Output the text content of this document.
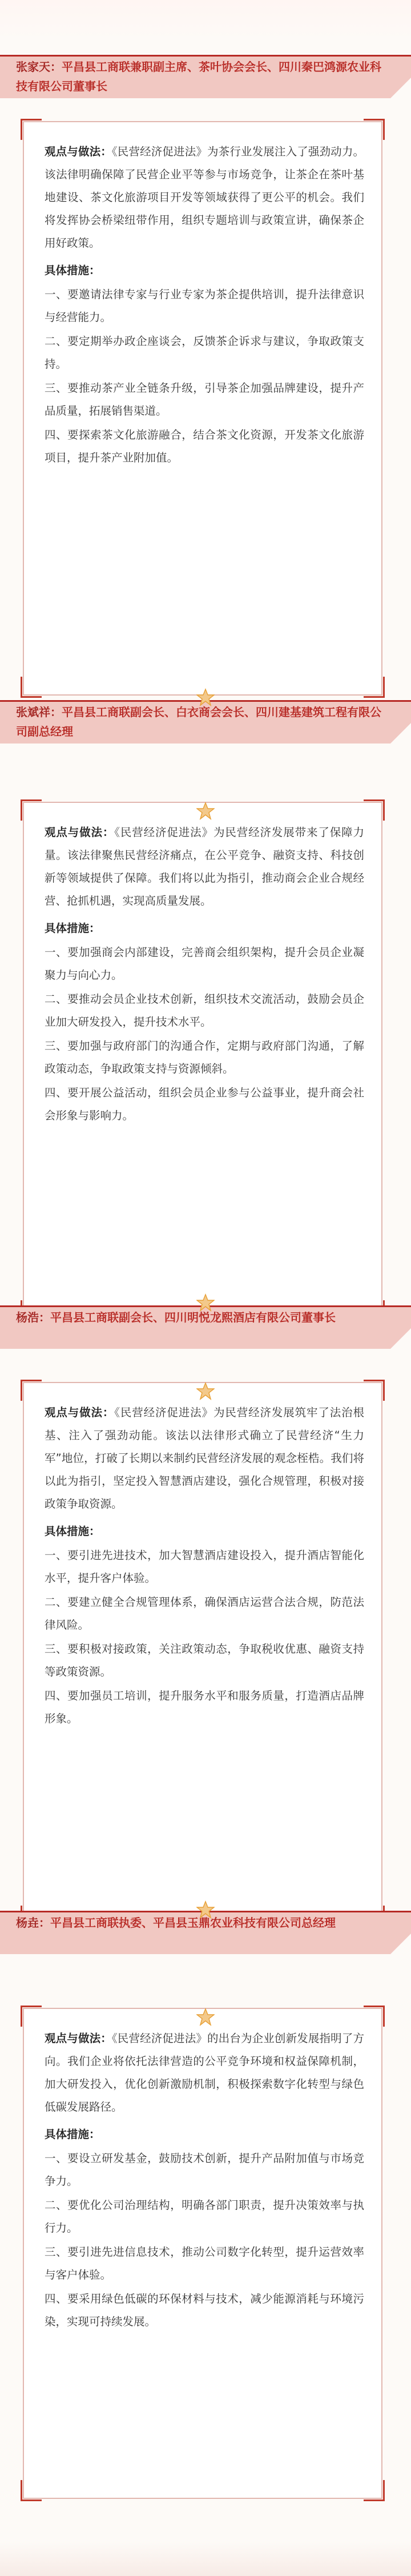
张家天：平昌县工商联兼职副主席、茶叶协会会长、四川秦巴鸿源农业科技有限公司董事长

观点与做法：《民营经济促进法》为茶行业发展注入了强劲动力。该法律明确保障了民营企业平等参与市场竞争，让茶企在茶叶基地建设、茶文化旅游项目开发等领域获得了更公平的机会。我们将发挥协会桥梁纽带作用，组织专题培训与政策宣讲，确保茶企用好政策。

具体措施：

一、要邀请法律专家与行业专家为茶企提供培训，提升法律意识与经营能力。

二、要定期举办政企座谈会，反馈茶企诉求与建议，争取政策支持。

三、要推动茶产业全链条升级，引导茶企加强品牌建设，提升产品质量，拓展销售渠道。

四、要探索茶文化旅游融合，结合茶文化资源，开发茶文化旅游项目，提升茶产业附加值。

张斌祥：平昌县工商联副会长、白衣商会会长、四川建基建筑工程有限公司副总经理

观点与做法：《民营经济促进法》为民营经济发展带来了保障力量。该法律聚焦民营经济痛点，在公平竞争、融资支持、科技创新等领域提供了保障。我们将以此为指引，推动商会企业合规经营、抢抓机遇，实现高质量发展。

具体措施：

一、要加强商会内部建设，完善商会组织架构，提升会员企业凝聚力与向心力。

二、要推动会员企业技术创新，组织技术交流活动，鼓励会员企业加大研发投入，提升技术水平。

三、要加强与政府部门的沟通合作，定期与政府部门沟通，了解政策动态，争取政策支持与资源倾斜。

四、要开展公益活动，组织会员企业参与公益事业，提升商会社会形象与影响力。

杨浩：平昌县工商联副会长、四川明悦龙熙酒店有限公司董事长

观点与做法：《民营经济促进法》为民营经济发展筑牢了法治根基、注入了强劲动能。该法以法律形式确立了民营经济“生力军”地位，打破了长期以来制约民营经济发展的观念桎梏。我们将以此为指引，坚定投入智慧酒店建设，强化合规管理，积极对接政策争取资源。

具体措施：

一、要引进先进技术，加大智慧酒店建设投入，提升酒店智能化水平，提升客户体验。

二、要建立健全合规管理体系，确保酒店运营合法合规，防范法律风险。

三、要积极对接政策，关注政策动态，争取税收优惠、融资支持等政策资源。

四、要加强员工培训，提升服务水平和服务质量，打造酒店品牌形象。

杨垚：平昌县工商联执委、平昌县玉鼎农业科技有限公司总经理

观点与做法：《民营经济促进法》的出台为企业创新发展指明了方向。我们企业将依托法律营造的公平竞争环境和权益保障机制，加大研发投入，优化创新激励机制，积极探索数字化转型与绿色低碳发展路径。

具体措施：

一、要设立研发基金，鼓励技术创新，提升产品附加值与市场竞争力。

二、要优化公司治理结构，明确各部门职责，提升决策效率与执行力。

三、要引进先进信息技术，推动公司数字化转型，提升运营效率与客户体验。

四、要采用绿色低碳的环保材料与技术，减少能源消耗与环境污染，实现可持续发展。
